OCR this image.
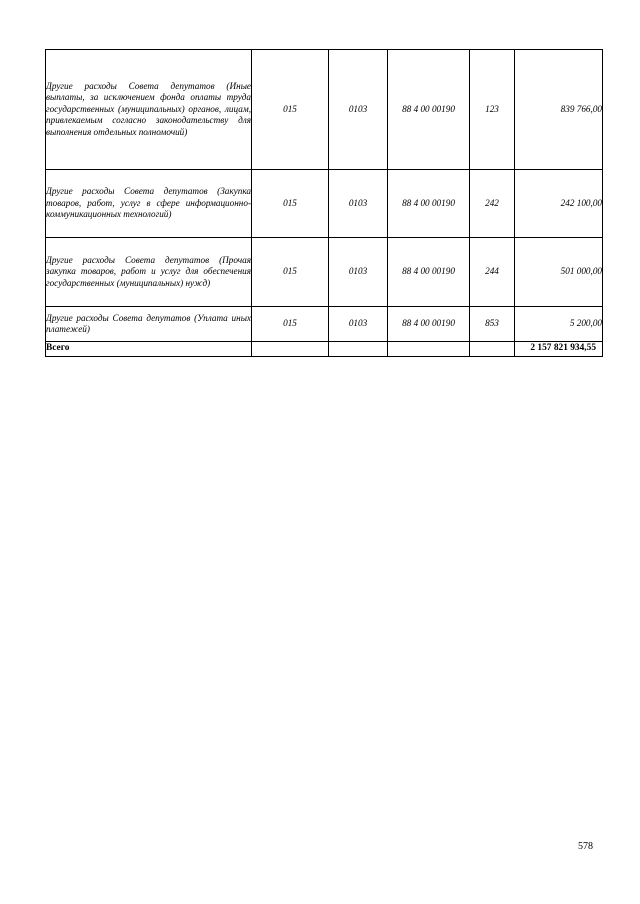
Другие расходы Совета депутатов (Иные выплаты, за исключением фонда оплаты труда государственных (муниципальных) органов, лицам, привлекаемым согласно законодательству для выполнения отдельных полномочий)	015	0103	88 4 00 00190	123	839 766,00
Другие расходы Совета депутатов (Закупка товаров, работ, услуг в сфере информационно-коммуникационных технологий)	015	0103	88 4 00 00190	242	242 100,00
Другие расходы Совета депутатов (Прочая закупка товаров, работ и услуг для обеспечения государственных (муниципальных) нужд)	015	0103	88 4 00 00190	244	501 000,00
Другие расходы Совета депутатов (Уплата иных платежей)	015	0103	88 4 00 00190	853	5 200,00
Всего					2 157 821 934,55
578
